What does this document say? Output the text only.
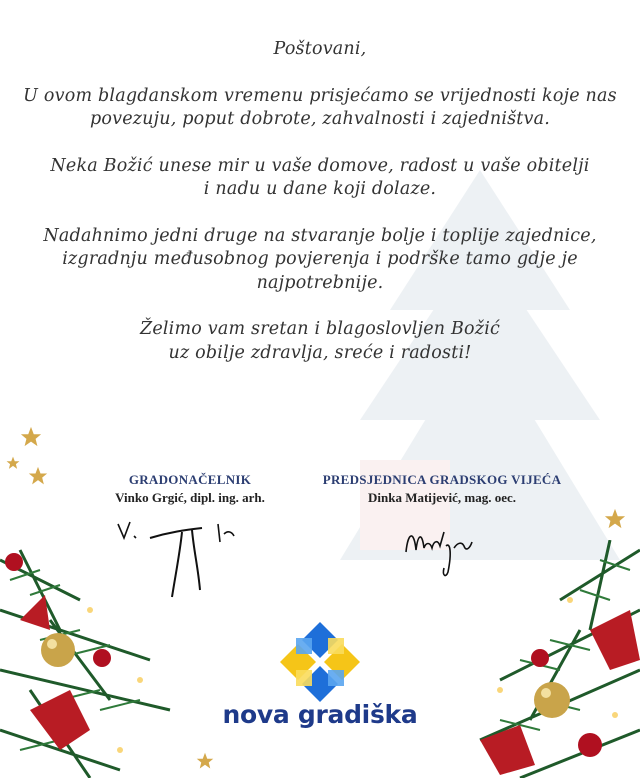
Poštovani,

U ovom blagdanskom vremenu prisjećamo se vrijednosti koje nas

povezuju, poput dobrote, zahvalnosti i zajedništva.

Neka Božić unese mir u vaše domove, radost u vaše obitelji

i nadu u dane koji dolaze.

Nadahnimo jedni druge na stvaranje bolje i toplije zajednice,

izgradnju međusobnog povjerenja i podrške tamo gdje je

najpotrebnije.

Želimo vam sretan i blagoslovljen Božić

uz obilje zdravlja, sreće i radosti!

GRADONAČELNIK
Vinko Grgić, dipl. ing. arh.
PREDSJEDNICA GRADSKOG VIJEĆA
Dinka Matijević, mag. oec.
nova gradiška
